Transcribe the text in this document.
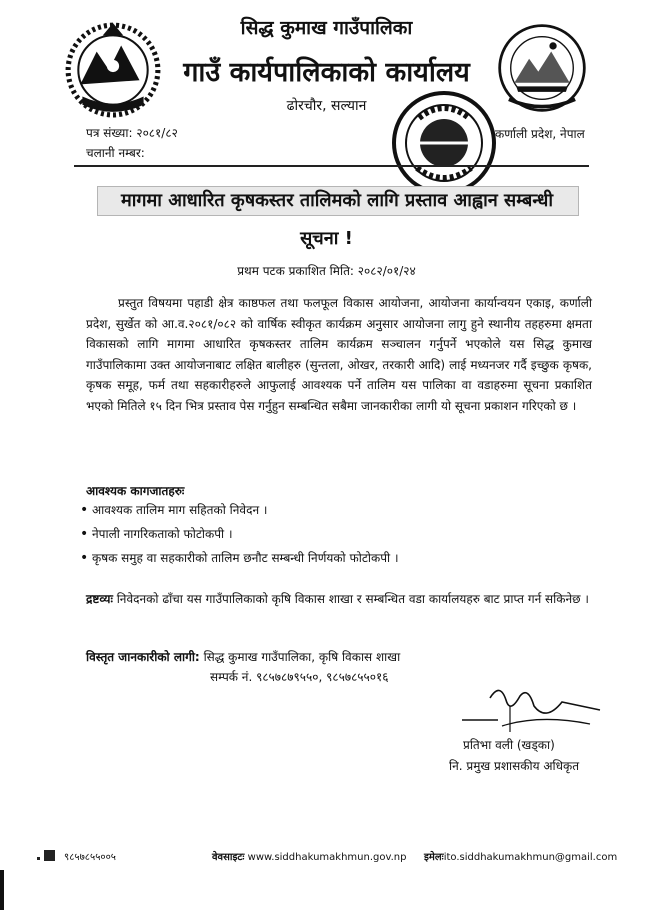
सिद्ध कुमाख गाउँपालिका
गाउँ कार्यपालिकाको कार्यालय
ढोरचौर, सल्यान
पत्र संख्या: २०८१/८२
चलानी नम्बर:
कर्णाली प्रदेश, नेपाल
मागमा आधारित कृषकस्तर तालिमको लागि प्रस्ताव आह्वान सम्बन्धी
सूचना !
प्रथम पटक प्रकाशित मिति: २०८२/०१/२४
प्रस्तुत विषयमा पहाडी क्षेत्र काष्ठफल तथा फलफूल विकास आयोजना, आयोजना कार्यान्वयन एकाइ, कर्णाली प्रदेश, सुर्खेत को आ.व.२०८१/०८२ को वार्षिक स्वीकृत कार्यक्रम अनुसार आयोजना लागु हुने स्थानीय तहहरुमा क्षमता विकासको लागि मागमा आधारित कृषकस्तर तालिम कार्यक्रम सञ्चालन गर्नुपर्ने भएकोले यस सिद्ध कुमाख गाउँपालिकामा उक्त आयोजनाबाट लक्षित बालीहरु (सुन्तला, ओखर, तरकारी आदि) लाई मध्यनजर गर्दै इच्छुक कृषक, कृषक समूह, फर्म तथा सहकारीहरुले आफुलाई आवश्यक पर्ने तालिम यस पालिका वा वडाहरुमा सूचना प्रकाशित भएको मितिले १५ दिन भित्र प्रस्ताव पेस गर्नुहुन सम्बन्धित सबैमा जानकारीका लागी यो सूचना प्रकाशन गरिएको छ ।
आवश्यक कागजातहरुः
• आवश्यक तालिम माग सहितको निवेदन ।
• नेपाली नागरिकताको फोटोकपी ।
• कृषक समुह वा सहकारीको तालिम छनौट सम्बन्धी निर्णयको फोटोकपी ।
द्रष्टव्यः निवेदनको ढाँचा यस गाउँपालिकाको कृषि विकास शाखा र सम्बन्धित वडा कार्यालयहरु बाट प्राप्त गर्न सकिनेछ ।
विस्तृत जानकारीको लागी: सिद्ध कुमाख गाउँपालिका, कृषि विकास शाखा
सम्पर्क नं. ९८५७८७९५५०, ९८५७८५५०१६
प्रतिभा वली (खड्का)
नि. प्रमुख प्रशासकीय अधिकृत
९८५७८५५००५	वेवसाइटः www.siddhakumakhmun.gov.np इमेलःito.siddhakumakhmun@gmail.com
